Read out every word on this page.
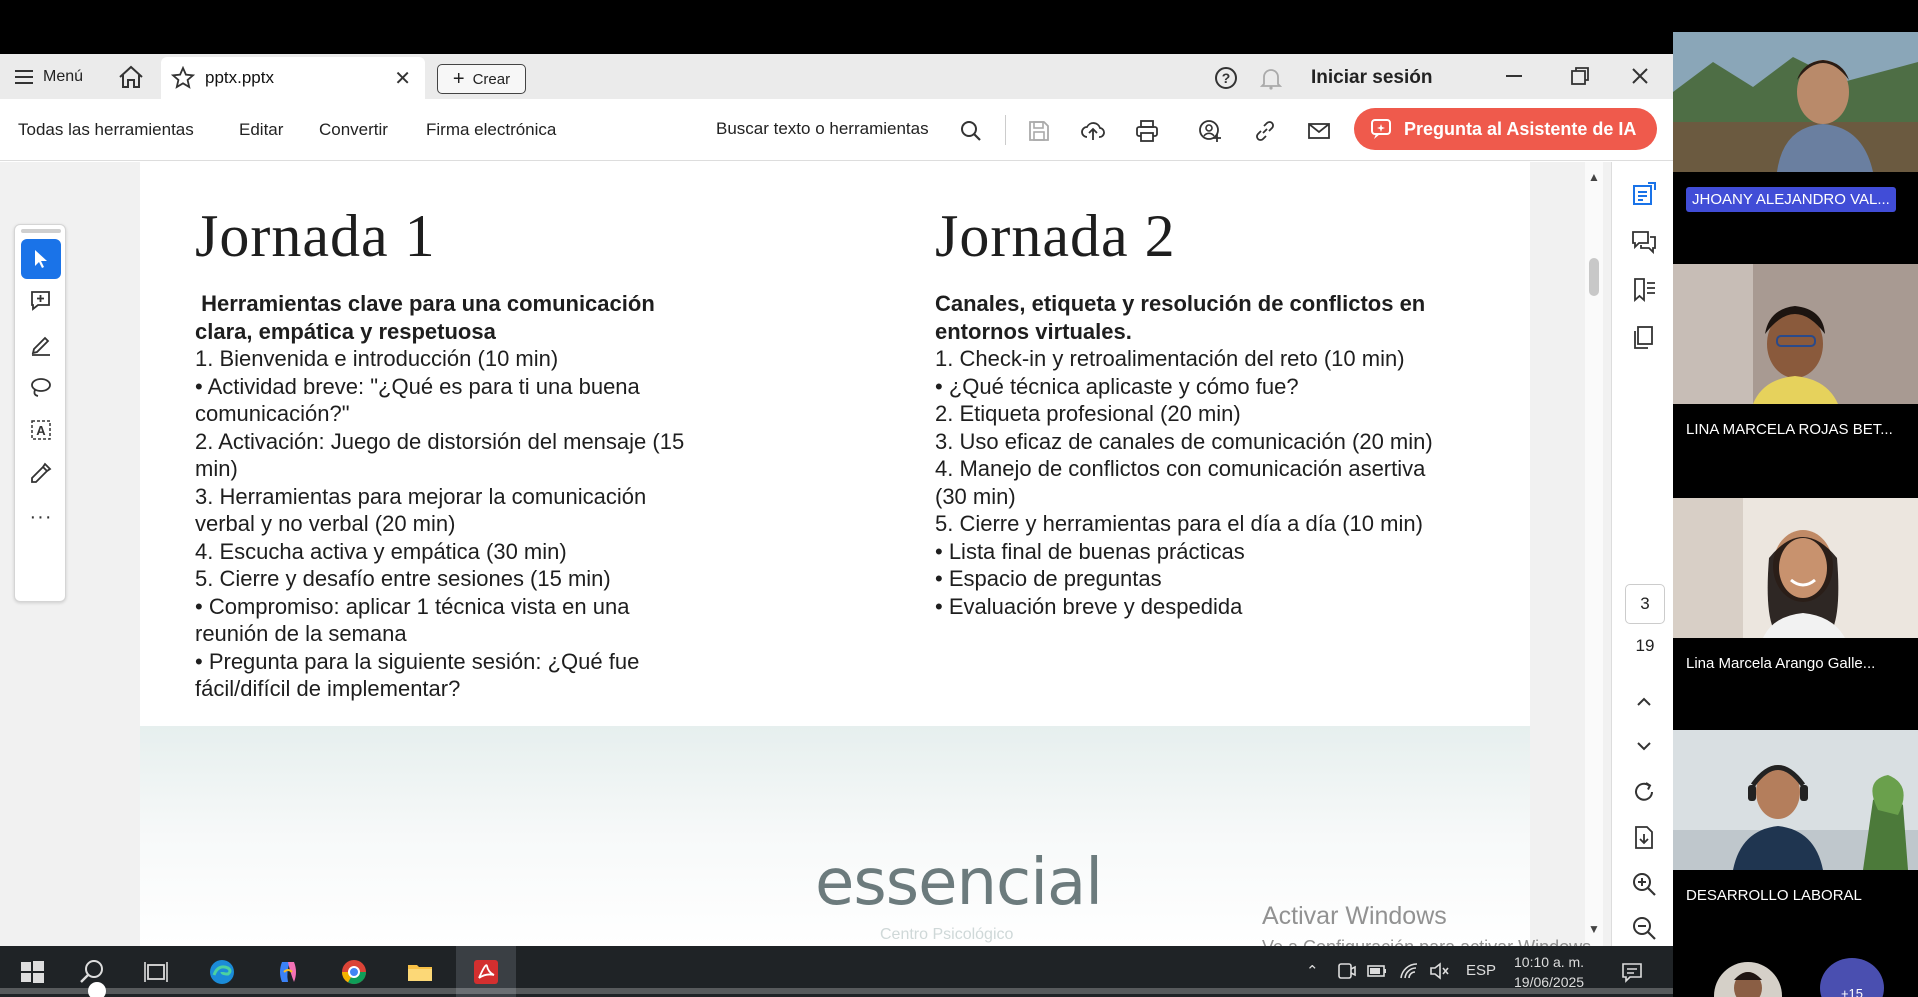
Menú	pptx.pptx	✕ + Crear	?	Iniciar sesión
Todas las herramientas	Editar Convertir Firma electrónica	Buscar texto o herramientas	Pregunta al Asistente de IA
A
···
Jornada 1
Herramientas clave para una comunicación clara, empática y respetuosa
1. Bienvenida e introducción (10 min)
• Actividad breve: "¿Qué es para ti una buena comunicación?"
2. Activación: Juego de distorsión del mensaje (15 min)
3. Herramientas para mejorar la comunicación verbal y no verbal (20 min)
4. Escucha activa y empática (30 min)
5. Cierre y desafío entre sesiones (15 min)
• Compromiso: aplicar 1 técnica vista en una reunión de la semana
• Pregunta para la siguiente sesión: ¿Qué fue fácil/difícil de implementar?
Jornada 2
Canales, etiqueta y resolución de conflictos en entornos virtuales.
1. Check-in y retroalimentación del reto (10 min)
• ¿Qué técnica aplicaste y cómo fue?
2. Etiqueta profesional (20 min)
3. Uso eficaz de canales de comunicación (20 min)
4. Manejo de conflictos con comunicación asertiva (30 min)
5. Cierre y herramientas para el día a día (10 min)
• Lista final de buenas prácticas
• Espacio de preguntas
• Evaluación breve y despedida
essencial
Centro Psicológico
▲
▼
3
19
Activar Windows
⌃	ESP 10:10 a. m.
19/06/2025
JHOANY ALEJANDRO VAL...
LINA MARCELA ROJAS BET...
Lina Marcela Arango Galle...
DESARROLLO LABORAL
+15
